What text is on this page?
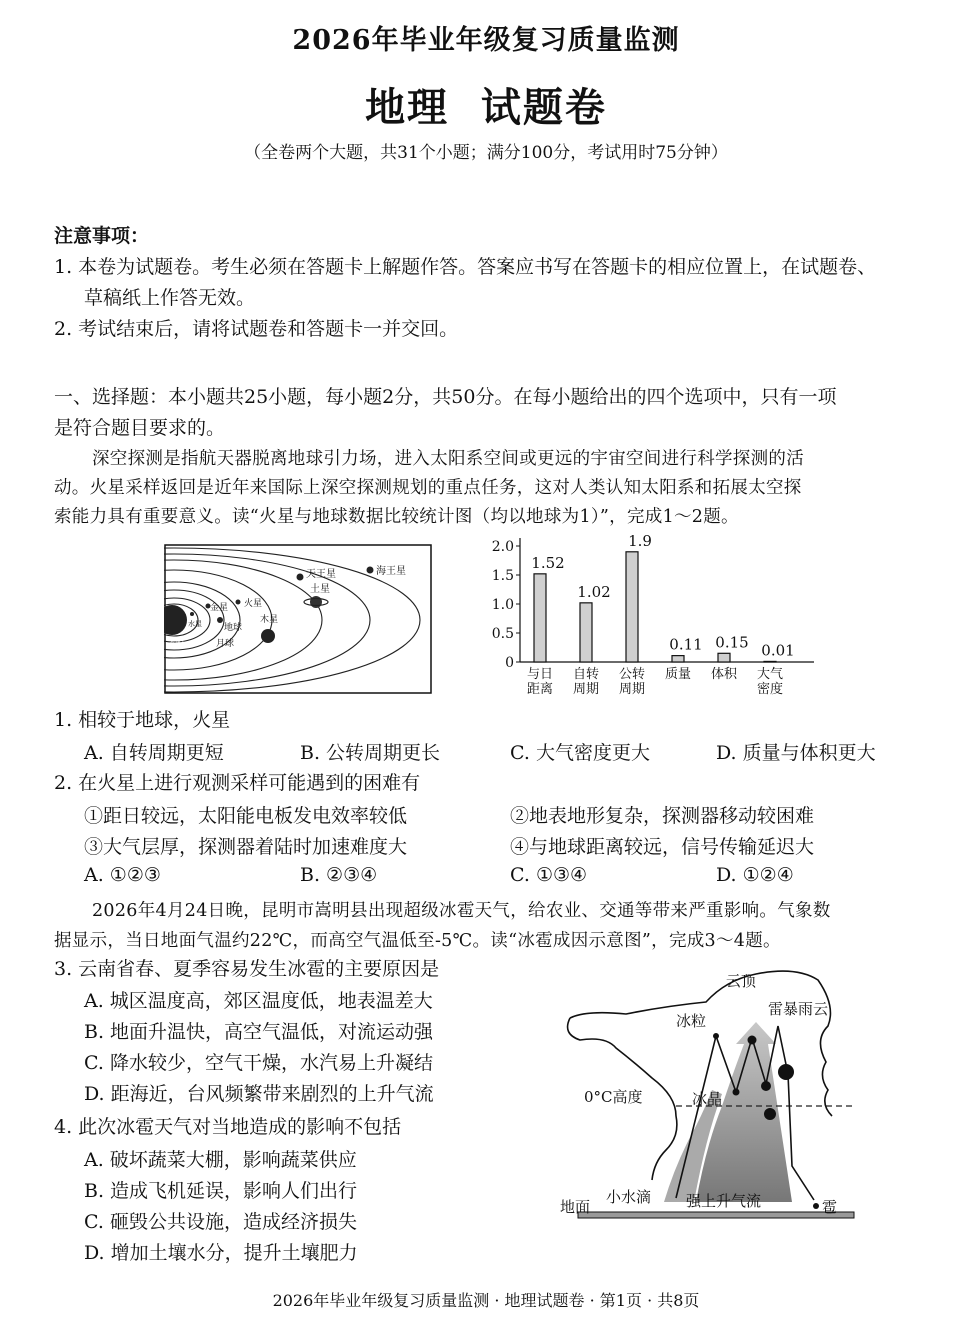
2026年毕业年级复习质量监测
地理  试题卷
（全卷两个大题，共31个小题；满分100分，考试用时75分钟）
注意事项：
1. 本卷为试题卷。考生必须在答题卡上解题作答。答案应书写在答题卡的相应位置上，在试题卷、
草稿纸上作答无效。
2. 考试结束后，请将试题卷和答题卡一并交回。
一、选择题：本小题共25小题，每小题2分，共50分。在每小题给出的四个选项中，只有一项
是符合题目要求的。
深空探测是指航天器脱离地球引力场，进入太阳系空间或更远的宇宙空间进行科学探测的活
动。火星采样返回是近年来国际上深空探测规划的重点任务，这对人类认知太阳系和拓展太空探
索能力具有重要意义。读“火星与地球数据比较统计图（均以地球为1）”，完成1～2题。
天王星	海王星
土星
太阳
水星
金星 火星
地球
木星
月球
0
0.5
1.0
1.5
2.0
1.52
1.02
1.9
0.11 0.15 0.01
与日
距离
自转
周期
公转
周期
质量 体积 大气
密度
1. 相较于地球，火星
A. 自转周期更短	B. 公转周期更长	C. 大气密度更大	D. 质量与体积更大
2. 在火星上进行观测采样可能遇到的困难有
①距日较远，太阳能电板发电效率较低	②地表地形复杂，探测器移动较困难
③大气层厚，探测器着陆时加速难度大	④与地球距离较远，信号传输延迟大
A. ①②③	B. ②③④	C. ①③④	D. ①②④
2026年4月24日晚，昆明市嵩明县出现超级冰雹天气，给农业、交通等带来严重影响。气象数
据显示，当日地面气温约22℃，而高空气温低至-5℃。读“冰雹成因示意图”，完成3～4题。
3. 云南省春、夏季容易发生冰雹的主要原因是
A. 城区温度高，郊区温度低，地表温差大
B. 地面升温快，高空气温低，对流运动强
C. 降水较少，空气干燥，水汽易上升凝结
D. 距海近，台风频繁带来剧烈的上升气流
4. 此次冰雹天气对当地造成的影响不包括
A. 破坏蔬菜大棚，影响蔬菜供应
B. 造成飞机延误，影响人们出行
C. 砸毁公共设施，造成经济损失
D. 增加土壤水分，提升土壤肥力
云顶
雷暴雨云
冰粒
0°C高度	冰晶
小水滴 强上升气流
地面	雹
2026年毕业年级复习质量监测 · 地理试题卷 · 第1页 · 共8页
